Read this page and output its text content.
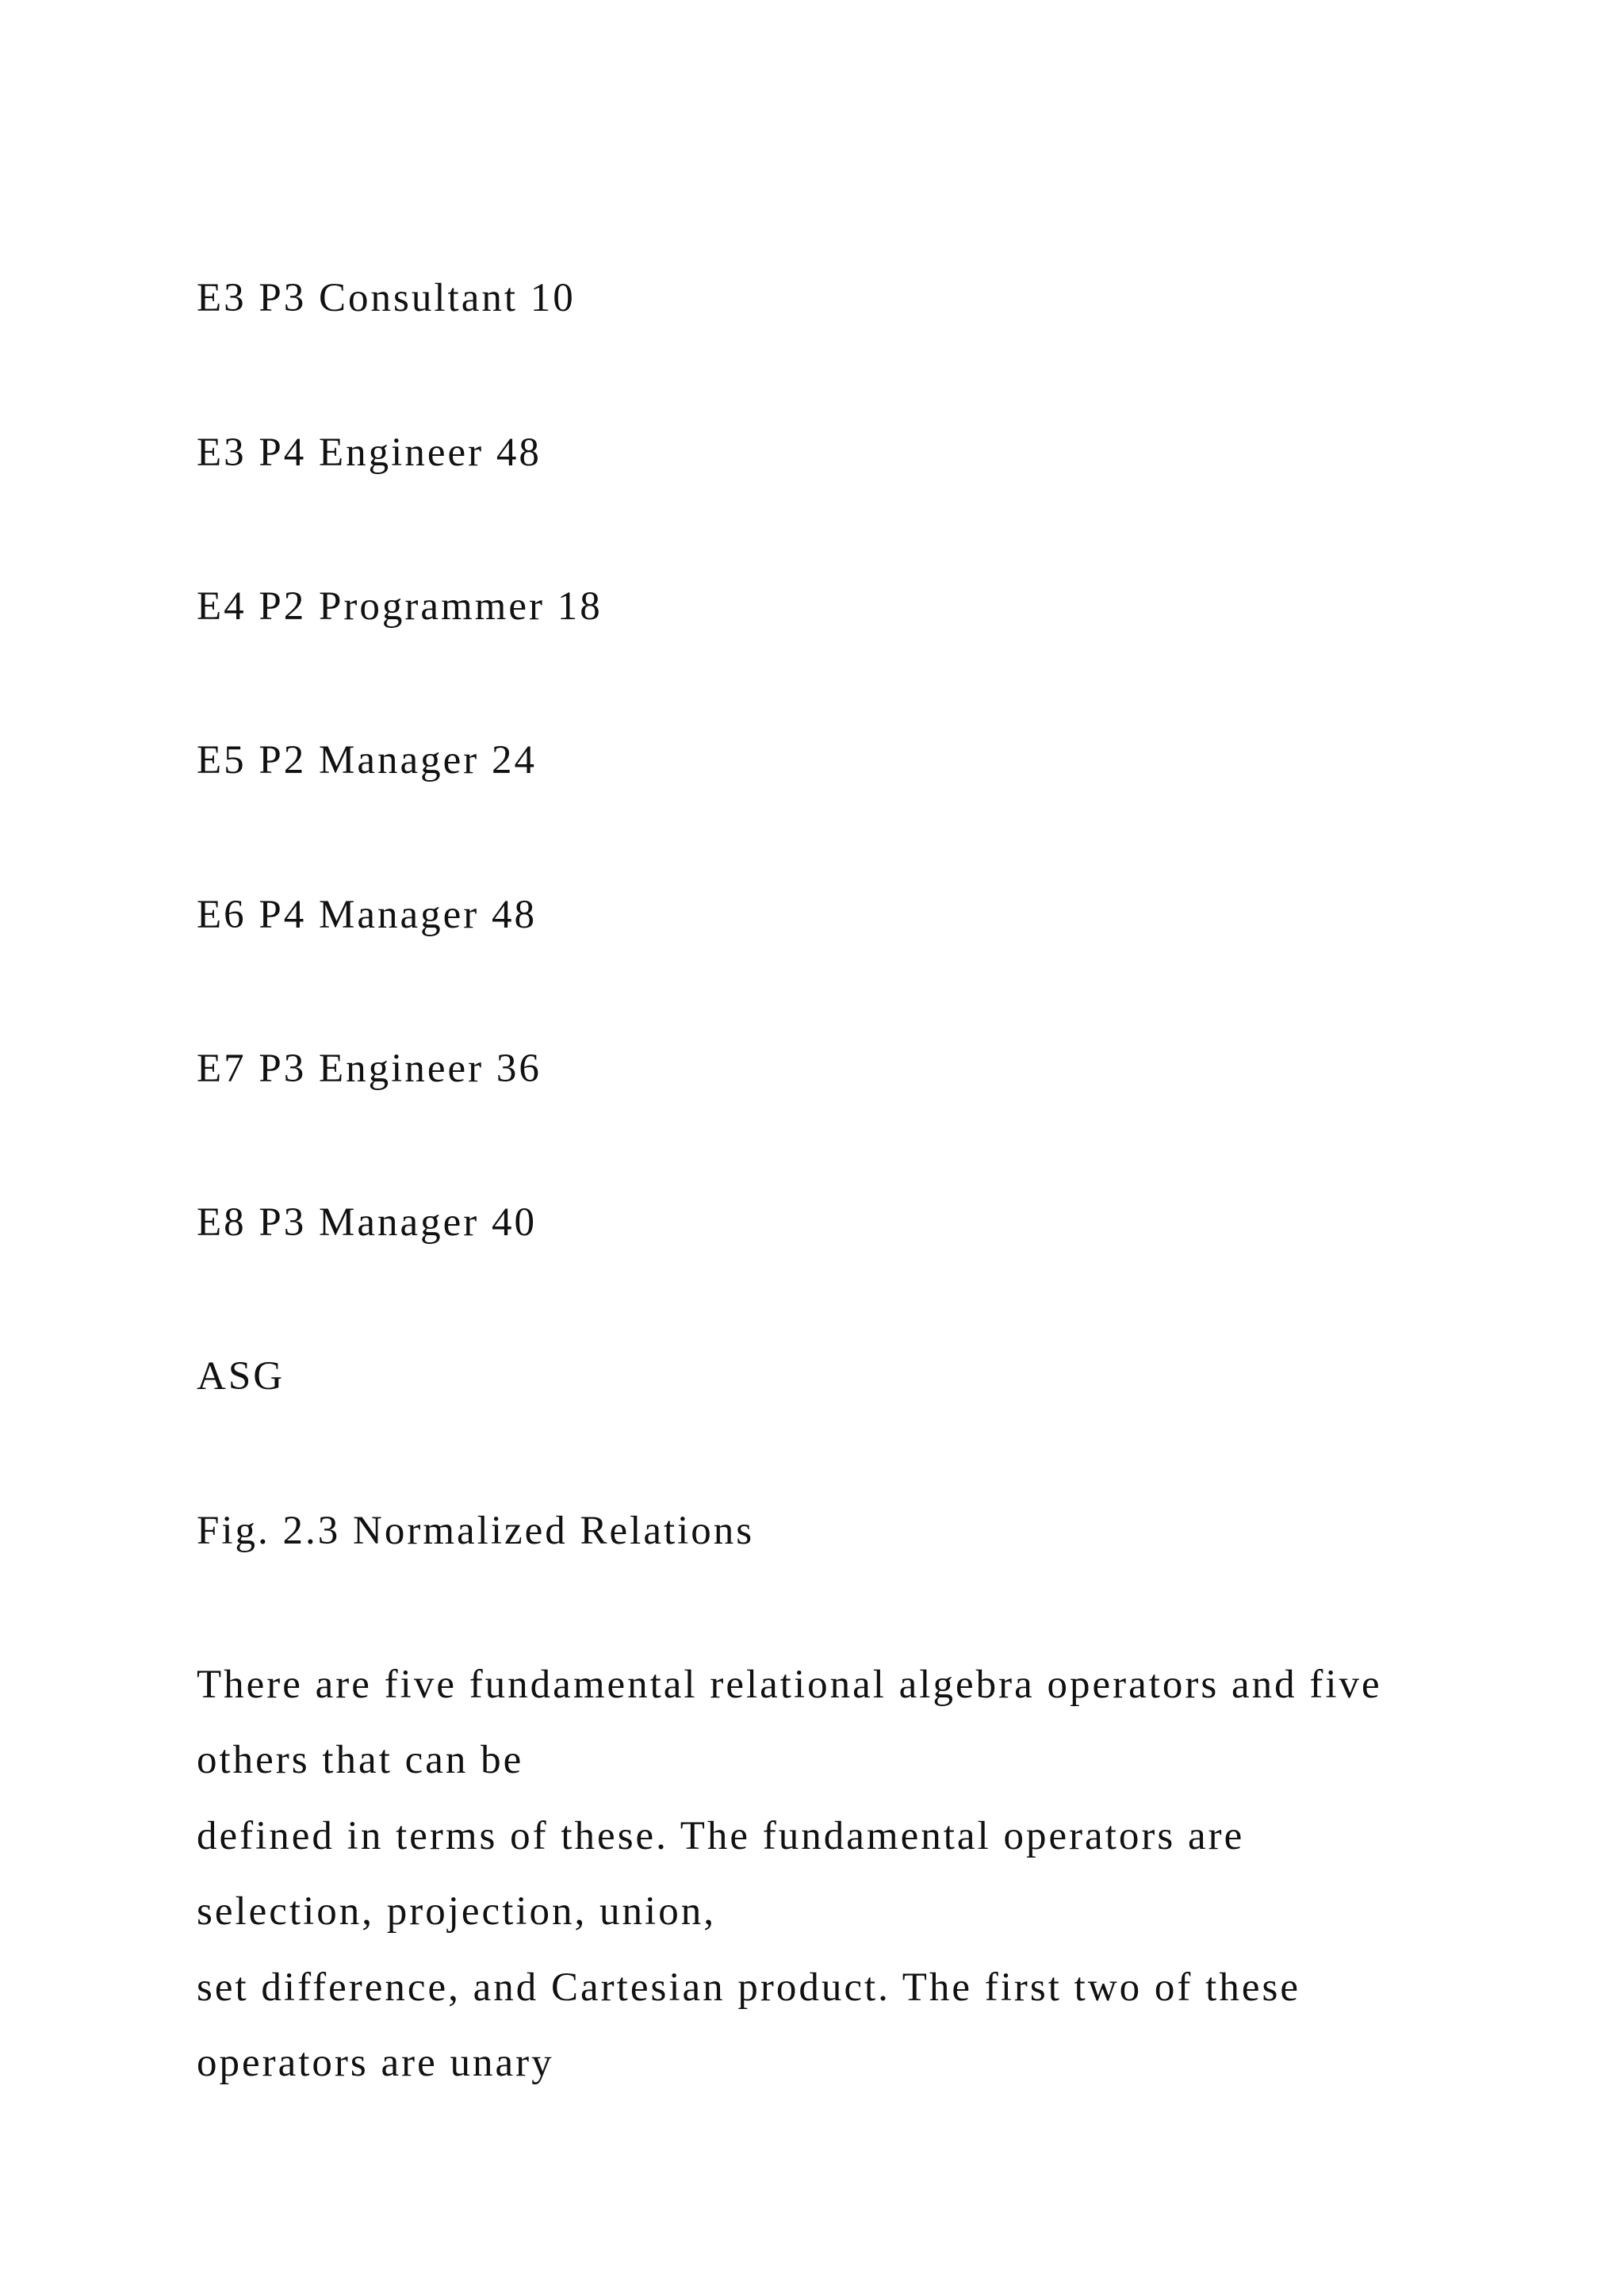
E3 P3 Consultant 10

E3 P4 Engineer 48

E4 P2 Programmer 18

E5 P2 Manager 24

E6 P4 Manager 48

E7 P3 Engineer 36

E8 P3 Manager 40

ASG

Fig. 2.3 Normalized Relations

There are five fundamental relational algebra operators and five

others that can be

defined in terms of these. The fundamental operators are

selection, projection, union,

set difference, and Cartesian product. The first two of these

operators are unary
